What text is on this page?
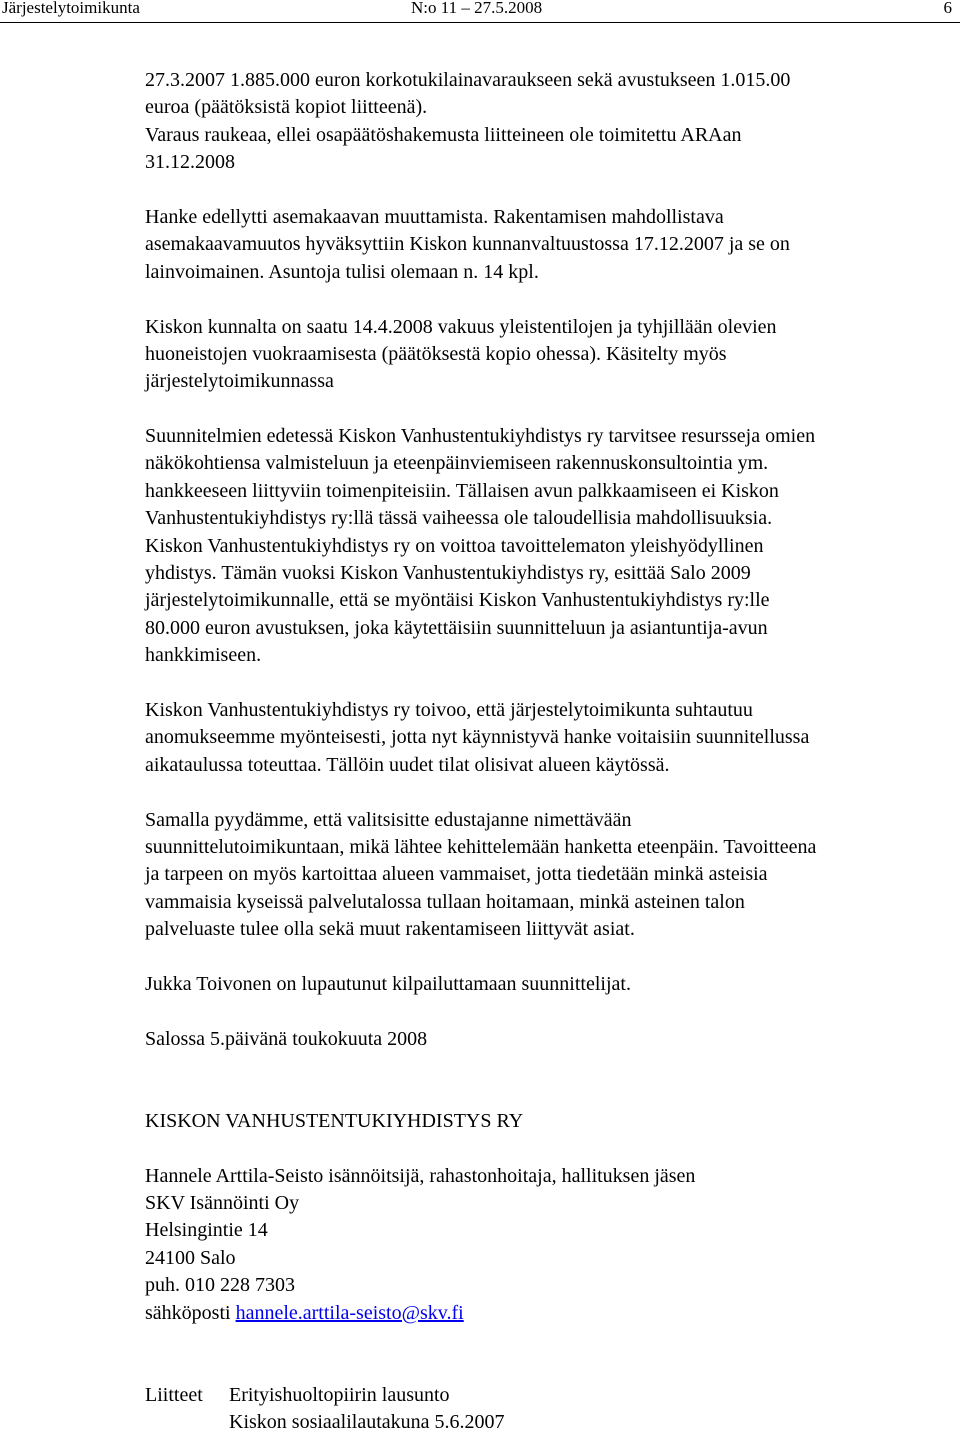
Järjestelytoimikunta	N:o 11 – 27.5.2008	6
27.3.2007 1.885.000 euron korkotukilainavaraukseen sekä avustukseen 1.015.00
euroa (päätöksistä kopiot liitteenä).
Varaus raukeaa, ellei osapäätöshakemusta liitteineen ole toimitettu ARAan
31.12.2008
Hanke edellytti asemakaavan muuttamista. Rakentamisen mahdollistava
asemakaavamuutos hyväksyttiin Kiskon kunnanvaltuustossa 17.12.2007 ja se on
lainvoimainen. Asuntoja tulisi olemaan n. 14 kpl.
Kiskon kunnalta on saatu 14.4.2008 vakuus yleistentilojen ja tyhjillään olevien
huoneistojen vuokraamisesta (päätöksestä kopio ohessa). Käsitelty myös
järjestelytoimikunnassa
Suunnitelmien edetessä Kiskon Vanhustentukiyhdistys ry tarvitsee resursseja omien
näkökohtiensa valmisteluun ja eteenpäinviemiseen rakennuskonsultointia ym.
hankkeeseen liittyviin toimenpiteisiin. Tällaisen avun palkkaamiseen ei Kiskon
Vanhustentukiyhdistys ry:llä tässä vaiheessa ole taloudellisia mahdollisuuksia.
Kiskon Vanhustentukiyhdistys ry on voittoa tavoittelematon yleishyödyllinen
yhdistys. Tämän vuoksi Kiskon Vanhustentukiyhdistys ry, esittää Salo 2009
järjestelytoimikunnalle, että se myöntäisi Kiskon Vanhustentukiyhdistys ry:lle
80.000 euron avustuksen, joka käytettäisiin suunnitteluun ja asiantuntija-avun
hankkimiseen.
Kiskon Vanhustentukiyhdistys ry toivoo, että järjestelytoimikunta suhtautuu
anomukseemme myönteisesti, jotta nyt käynnistyvä hanke voitaisiin suunnitellussa
aikataulussa toteuttaa. Tällöin uudet tilat olisivat alueen käytössä.
Samalla pyydämme, että valitsisitte edustajanne nimettävään
suunnittelutoimikuntaan, mikä lähtee kehittelemään hanketta eteenpäin. Tavoitteena
ja tarpeen on myös kartoittaa alueen vammaiset, jotta tiedetään minkä asteisia
vammaisia kyseissä palvelutalossa tullaan hoitamaan, minkä asteinen talon
palveluaste tulee olla sekä muut rakentamiseen liittyvät asiat.
Jukka Toivonen on lupautunut kilpailuttamaan suunnittelijat.
Salossa 5.päivänä toukokuuta 2008
KISKON VANHUSTENTUKIYHDISTYS RY
Hannele Arttila-Seisto isännöitsijä, rahastonhoitaja, hallituksen jäsen
SKV Isännöinti Oy
Helsingintie 14
24100 Salo
puh. 010 228 7303
sähköposti hannele.arttila-seisto@skv.fi
Liitteet Erityishuoltopiirin lausunto
Kiskon sosiaalilautakuna 5.6.2007
